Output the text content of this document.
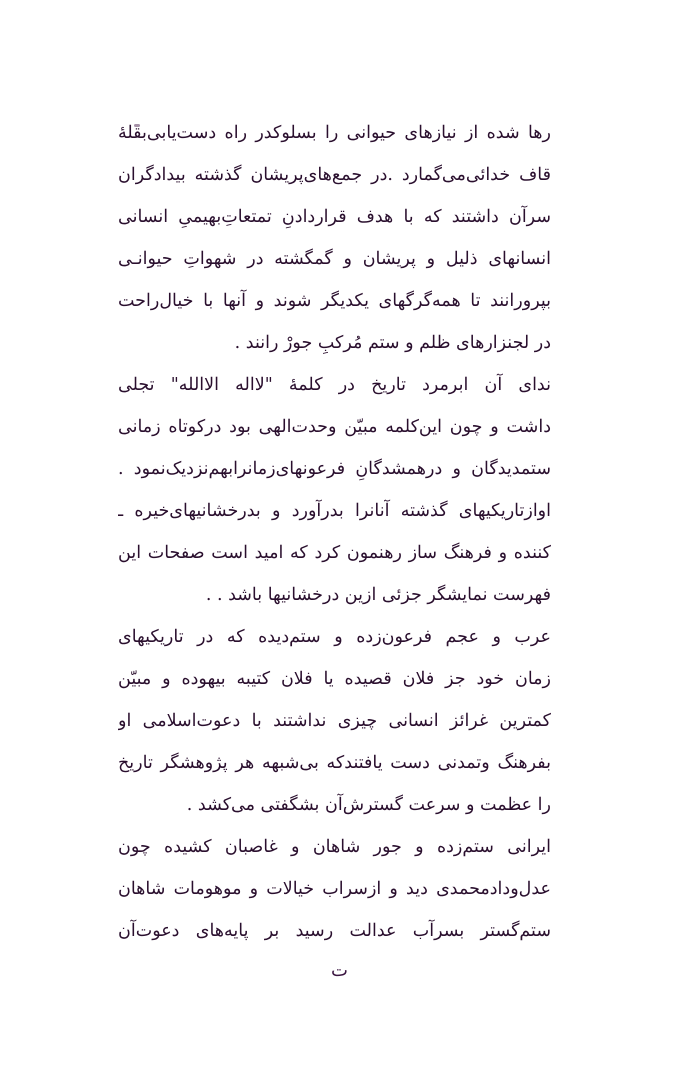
رها شده از نیازهای حیوانی را بسلوکدر راه دست‌یابی‌بقلهٔ
قاف خدائی‌می‌گمارد .در جمع‌های‌پریشان گذشته بیدادگران
سرآن داشتند که با هدف قراردادنِ تمتعاتِ‌بهیمیِ انسانی
انسانهای ذلیل و پریشان و گمگشته در شهواتِ حیوانـی
بپرورانند تا همه‌گرگهای یکدیگر شوند و آنها با خیال‌راحت
در لجنزارهای ظلم و ستم مُرکبِ جورْ رانند .
ندای آن ابرمرد تاریخ در کلمهٔ "لااله الاالله" تجلی
داشت و چون این‌کلمه مبیّن وحدت‌الهی بود درکوتاه زمانی
ستمدیدگان و درهمشدگانِ فرعونهای‌زمانرابهم‌نزدیک‌نمود .
اوازتاریکیهای گذشته آنانرا بدرآورد و بدرخشانیهای‌خیره ـ
کننده و فرهنگ ساز رهنمون کرد که امید است صفحات این
فهرست نمایشگر جزئی ازین درخشانیها باشد . .
عرب و عجم فرعون‌زده و ستم‌دیده که در تاریکیهای
زمان خود جز فلان قصیده یا فلان کتیبه بیهوده و مبیّن
کمترین غرائز انسانی چیزی نداشتند با دعوت‌اسلامی او
بفرهنگ وتمدنی دست یافتندکه بی‌شبهه هر پژوهشگر تاریخ
را عظمت و سرعت گسترش‌آن بشگفتی می‌کشد .
ایرانی ستم‌زده و جور شاهان و غاصبان کشیده چون
عدل‌ودادمحمدی دید و ازسراب خیالات و موهومات شاهان
ستم‌گستر بسرآب عدالت رسید بر پایه‌های دعوت‌آن
ت
